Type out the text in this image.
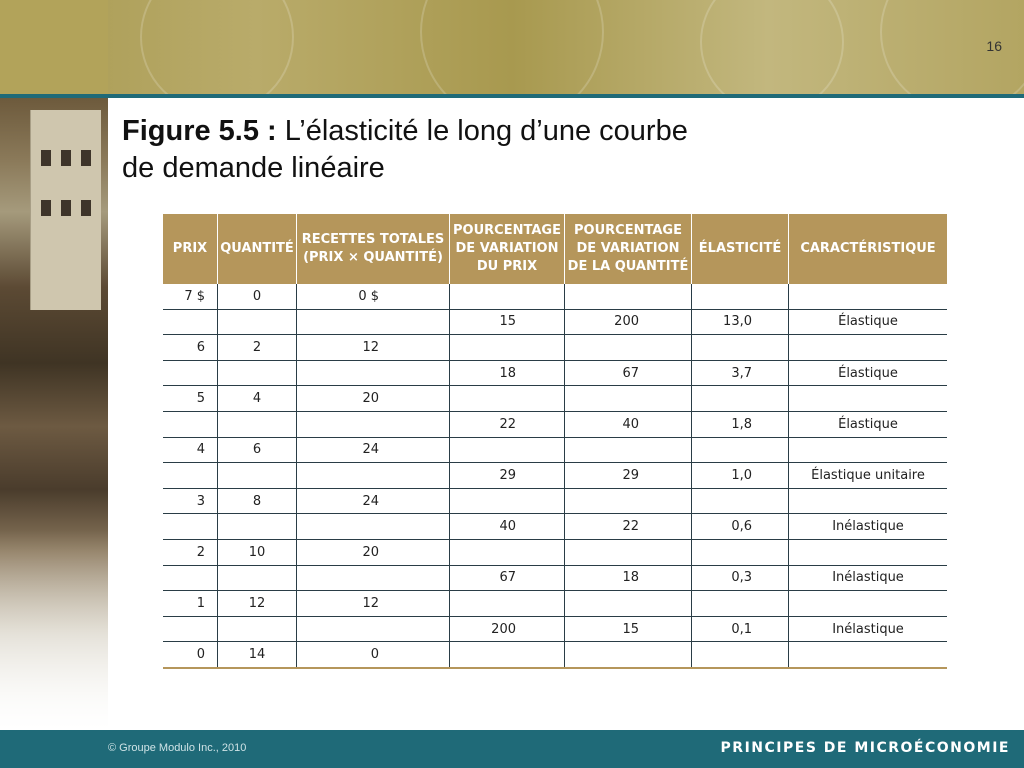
16
Figure 5.5 : L’élasticité le long d’une courbe
de demande linéaire
PRIX	QUANTITÉ	RECETTES TOTALES (PRIX × QUANTITÉ)	POURCENTAGE DE VARIATION DU PRIX	POURCENTAGE DE VARIATION DE LA QUANTITÉ	ÉLASTICITÉ	CARACTÉRISTIQUE
7 $	0	0 $				
			15	200	13,0	Élastique
6	2	12				
			18	67	3,7	Élastique
5	4	20				
			22	40	1,8	Élastique
4	6	24				
			29	29	1,0	Élastique unitaire
3	8	24				
			40	22	0,6	Inélastique
2	10	20				
			67	18	0,3	Inélastique
1	12	12				
			200	15	0,1	Inélastique
0	14	0				
© Groupe Modulo Inc., 2010	PRINCIPES DE MICROÉCONOMIE
